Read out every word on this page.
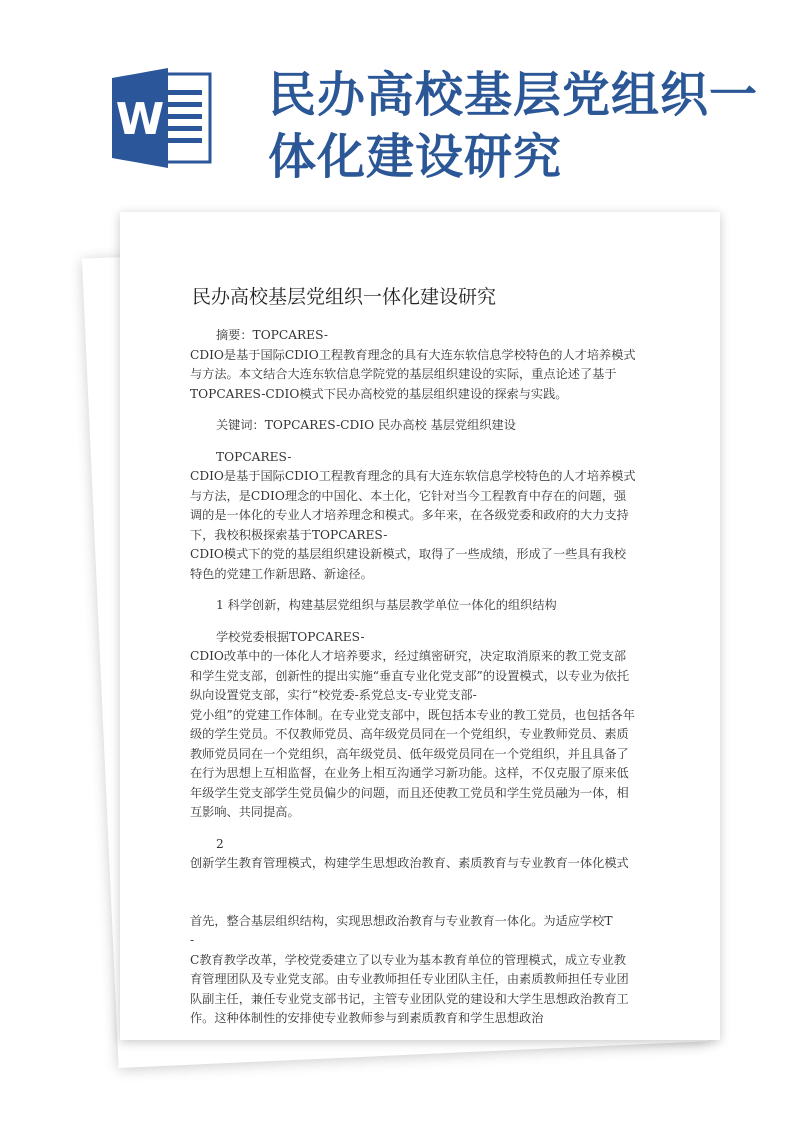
W 民办高校基层党组织一
体化建设研究
民办高校基层党组织一体化建设研究

摘要：TOPCARES-
CDIO是基于国际CDIO工程教育理念的具有大连东软信息学校特色的人才培养模式与方法。本文结合大连东软信息学院党的基层组织建设的实际，重点论述了基于TOPCARES-CDIO模式下民办高校党的基层组织建设的探索与实践。

关键词：TOPCARES-CDIO 民办高校 基层党组织建设

TOPCARES-
CDIO是基于国际CDIO工程教育理念的具有大连东软信息学校特色的人才培养模式与方法，是CDIO理念的中国化、本土化，它针对当今工程教育中存在的问题，强调的是一体化的专业人才培养理念和模式。多年来，在各级党委和政府的大力支持下，我校积极探索基于TOPCARES-
CDIO模式下的党的基层组织建设新模式，取得了一些成绩，形成了一些具有我校特色的党建工作新思路、新途径。

1 科学创新，构建基层党组织与基层教学单位一体化的组织结构

学校党委根据TOPCARES-
CDIO改革中的一体化人才培养要求，经过缜密研究，决定取消原来的教工党支部和学生党支部，创新性的提出实施“垂直专业化党支部”的设置模式，以专业为依托纵向设置党支部，实行“校党委-系党总支-专业党支部-
党小组”的党建工作体制。在专业党支部中，既包括本专业的教工党员，也包括各年级的学生党员。不仅教师党员、高年级党员同在一个党组织，专业教师党员、素质教师党员同在一个党组织，高年级党员、低年级党员同在一个党组织，并且具备了在行为思想上互相监督，在业务上相互沟通学习新功能。这样，不仅克服了原来低年级学生党支部学生党员偏少的问题，而且还使教工党员和学生党员融为一体，相互影响、共同提高。

2
创新学生教育管理模式，构建学生思想政治教育、素质教育与专业教育一体化模式

首先，整合基层组织结构，实现思想政治教育与专业教育一体化。为适应学校T
-
C教育教学改革，学校党委建立了以专业为基本教育单位的管理模式，成立专业教育管理团队及专业党支部。由专业教师担任专业团队主任，由素质教师担任专业团队副主任，兼任专业党支部书记，主管专业团队党的建设和大学生思想政治教育工作。这种体制性的安排使专业教师参与到素质教育和学生思想政治
